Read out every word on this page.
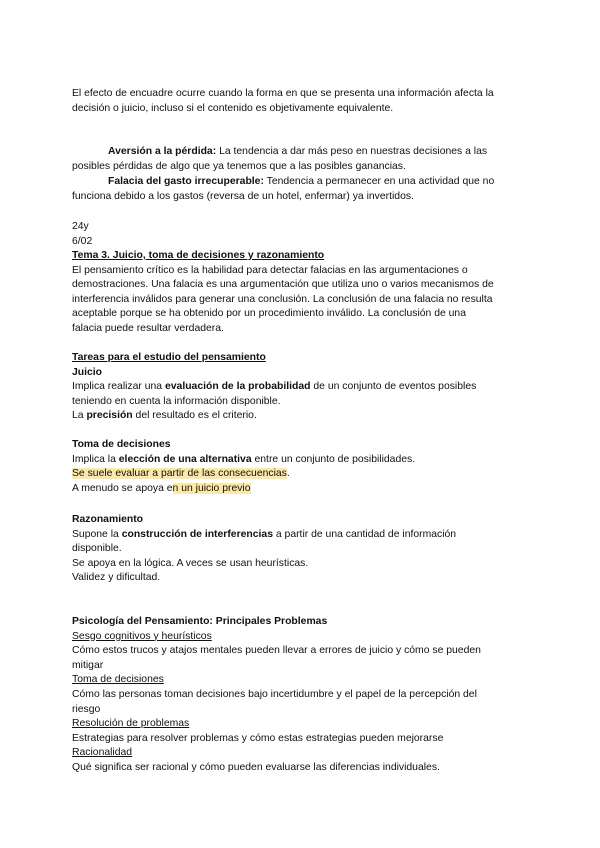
El efecto de encuadre ocurre cuando la forma en que se presenta una información afecta la
decisión o juicio, incluso si el contenido es objetivamente equivalente.
Aversión a la pérdida: La tendencia a dar más peso en nuestras decisiones a las
posibles pérdidas de algo que ya tenemos que a las posibles ganancias.
Falacia del gasto irrecuperable: Tendencia a permanecer en una actividad que no
funciona debido a los gastos (reversa de un hotel, enfermar) ya invertidos.
24y
6/02
Tema 3. Juicio, toma de decisiones y razonamiento
El pensamiento crítico es la habilidad para detectar falacias en las argumentaciones o
demostraciones. Una falacia es una argumentación que utiliza uno o varios mecanismos de
interferencia inválidos para generar una conclusión. La conclusión de una falacia no resulta
aceptable porque se ha obtenido por un procedimiento inválido. La conclusión de una
falacia puede resultar verdadera.
Tareas para el estudio del pensamiento
Juicio
Implica realizar una evaluación de la probabilidad de un conjunto de eventos posibles
teniendo en cuenta la información disponible.
La precisión del resultado es el criterio.
Toma de decisiones
Implica la elección de una alternativa entre un conjunto de posibilidades.
Se suele evaluar a partir de las consecuencias.
A menudo se apoya en un juicio previo
Razonamiento
Supone la construcción de interferencias a partir de una cantidad de información
disponible.
Se apoya en la lógica. A veces se usan heurísticas.
Validez y dificultad.
Psicología del Pensamiento: Principales Problemas
Sesgo cognitivos y heurísticos
Cómo estos trucos y atajos mentales pueden llevar a errores de juicio y cómo se pueden
mitigar
Toma de decisiones
Cómo las personas toman decisiones bajo incertidumbre y el papel de la percepción del
riesgo
Resolución de problemas
Estrategias para resolver problemas y cómo estas estrategias pueden mejorarse
Racionalidad
Qué significa ser racional y cómo pueden evaluarse las diferencias individuales.
